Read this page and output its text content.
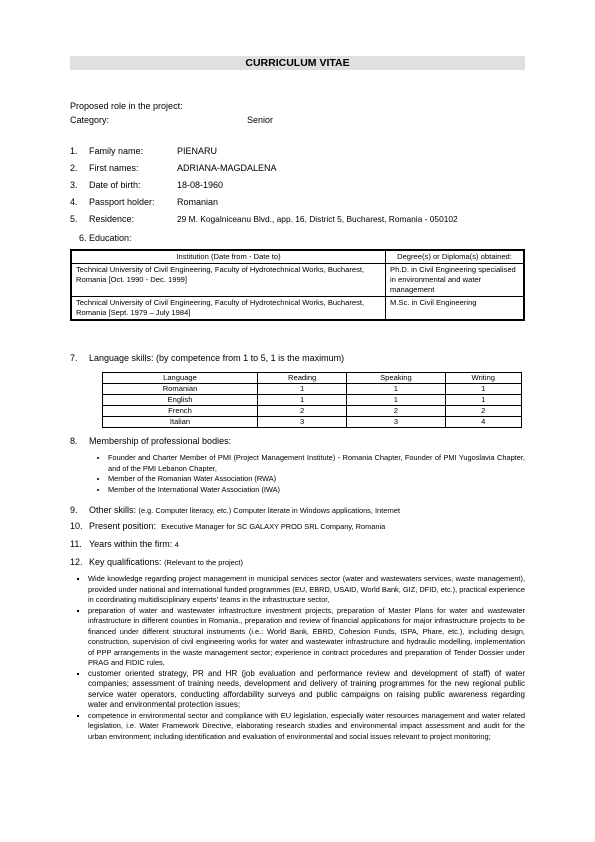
CURRICULUM VITAE
Proposed role in the project:
Category:	Senior
1. Family name:	PIENARU
2. First names:	ADRIANA-MAGDALENA
3. Date of birth:	18-08-1960
4. Passport holder: Romanian
5. Residence:	29 M. Kogalniceanu Blvd., app. 16, District 5, Bucharest, Romania - 050102
6. Education:
Institution (Date from - Date to)	Degree(s) or Diploma(s) obtained:
Technical University of Civil Engineering, Faculty of Hydrotechnical Works, Bucharest, Romania [Oct. 1990 - Dec. 1999]	Ph.D. in Civil Engineering specialised in environmental and water management
Technical University of Civil Engineering, Faculty of Hydrotechnical Works, Bucharest, Romania [Sept. 1979 – July 1984]	M.Sc. in Civil Engineering
7. Language skills: (by competence from 1 to 5, 1 is the maximum)
Language	Reading	Speaking	Writing
Romanian	1	1	1
English	1	1	1
French	2	2	2
Italian	3	3	4
8. Membership of professional bodies:
• Founder and Charter Member of PMI (Project Management Institute) - Romania Chapter, Founder of PMI Yugoslavia Chapter, and of the PMI Lebanon Chapter,
• Member of the Romanian Water Association (RWA)
• Member of the International Water Association (IWA)
9. Other skills: (e.g. Computer literacy, etc.) Computer literate in Windows applications, Internet
10. Present position: Executive Manager for SC GALAXY PROD SRL Company, Romania
11. Years within the firm: 4
12. Key qualifications: (Relevant to the project)
▪ Wide knowledge regarding project management in municipal services sector (water and wastewaters services, waste management), provided under national and international funded programmes (EU, EBRD, USAID, World Bank, GIZ, DFID, etc.), practical experience in coordinating multidisciplinary experts' teams in the infrastructure sector,
▪ preparation of water and wastewater infrastructure investment projects, preparation of Master Plans for water and wastewater infrastructure in different counties in Romania., preparation and review of financial applications for major infrastructure projects to be financed under different structural instruments (i.e.: World Bank, EBRD, Cohesion Funds, ISPA, Phare, etc.), including design, construction, supervision of civil engineering works for water and wastewater infrastructure and hydraulic modelling, implementation of PPP arrangements in the waste management sector; experience in contract procedures and preparation of Tender Dossier under PRAG and FIDIC rules,
▪ customer oriented strategy, PR and HR (job evaluation and performance review and development of staff) of water companies; assessment of training needs, development and delivery of training programmes for the new regional public service water operators, conducting affordability surveys and public campaigns on raising public awareness regarding water and environmental protection issues;
▪ competence in environmental sector and compliance with EU legislation, especially water resources management and water related legislation, i.e. Water Framework Directive, elaborating research studies and environmental impact assessment and audit for the urban environment; including identification and evaluation of environmental and social issues relevant to project monitoring;
